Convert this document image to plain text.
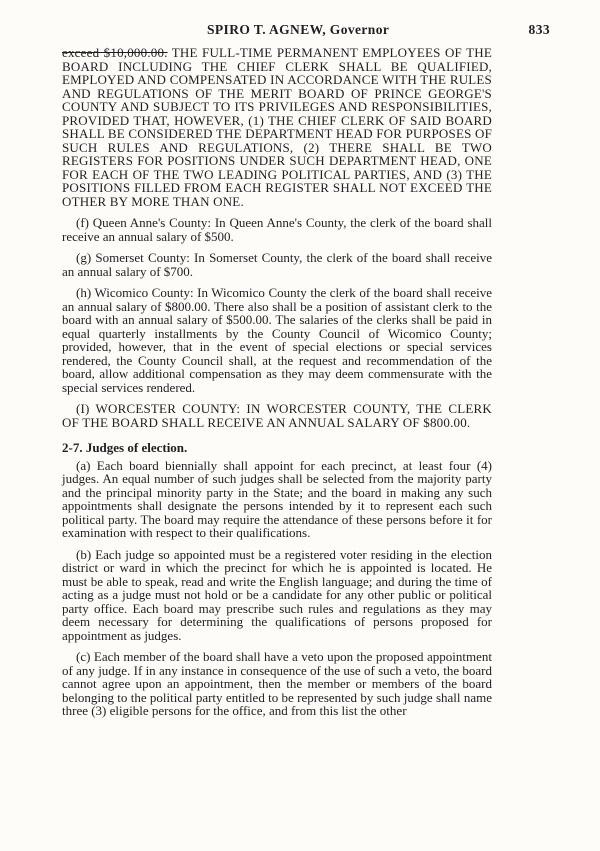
SPIRO T. AGNEW, Governor	833

exceed $10,000.00. THE FULL-TIME PERMANENT EMPLOYEES OF THE BOARD INCLUDING THE CHIEF CLERK SHALL BE QUALIFIED, EMPLOYED AND COMPENSATED IN ACCORDANCE WITH THE RULES AND REGULATIONS OF THE MERIT BOARD OF PRINCE GEORGE'S COUNTY AND SUBJECT TO ITS PRIVILEGES AND RESPONSIBILITIES, PROVIDED THAT, HOWEVER, (1) THE CHIEF CLERK OF SAID BOARD SHALL BE CONSIDERED THE DEPARTMENT HEAD FOR PURPOSES OF SUCH RULES AND REGULATIONS, (2) THERE SHALL BE TWO REGISTERS FOR POSITIONS UNDER SUCH DEPARTMENT HEAD, ONE FOR EACH OF THE TWO LEADING POLITICAL PARTIES, AND (3) THE POSITIONS FILLED FROM EACH REGISTER SHALL NOT EXCEED THE OTHER BY MORE THAN ONE.

(f) Queen Anne's County: In Queen Anne's County, the clerk of the board shall receive an annual salary of $500.

(g) Somerset County: In Somerset County, the clerk of the board shall receive an annual salary of $700.

(h) Wicomico County: In Wicomico County the clerk of the board shall receive an annual salary of $800.00. There also shall be a position of assistant clerk to the board with an annual salary of $500.00. The salaries of the clerks shall be paid in equal quarterly installments by the County Council of Wicomico County; provided, however, that in the event of special elections or special services rendered, the County Council shall, at the request and recommendation of the board, allow additional compensation as they may deem commensurate with the special services rendered.

(I) WORCESTER COUNTY: IN WORCESTER COUNTY, THE CLERK OF THE BOARD SHALL RECEIVE AN ANNUAL SALARY OF $800.00.

2-7. Judges of election.

(a) Each board biennially shall appoint for each precinct, at least four (4) judges. An equal number of such judges shall be selected from the majority party and the principal minority party in the State; and the board in making any such appointments shall designate the persons intended by it to represent each such political party. The board may require the attendance of these persons before it for examination with respect to their qualifications.

(b) Each judge so appointed must be a registered voter residing in the election district or ward in which the precinct for which he is appointed is located. He must be able to speak, read and write the English language; and during the time of acting as a judge must not hold or be a candidate for any other public or political party office. Each board may prescribe such rules and regulations as they may deem necessary for determining the qualifications of persons proposed for appointment as judges.

(c) Each member of the board shall have a veto upon the proposed appointment of any judge. If in any instance in consequence of the use of such a veto, the board cannot agree upon an appointment, then the member or members of the board belonging to the political party entitled to be represented by such judge shall name three (3) eligible persons for the office, and from this list the other
